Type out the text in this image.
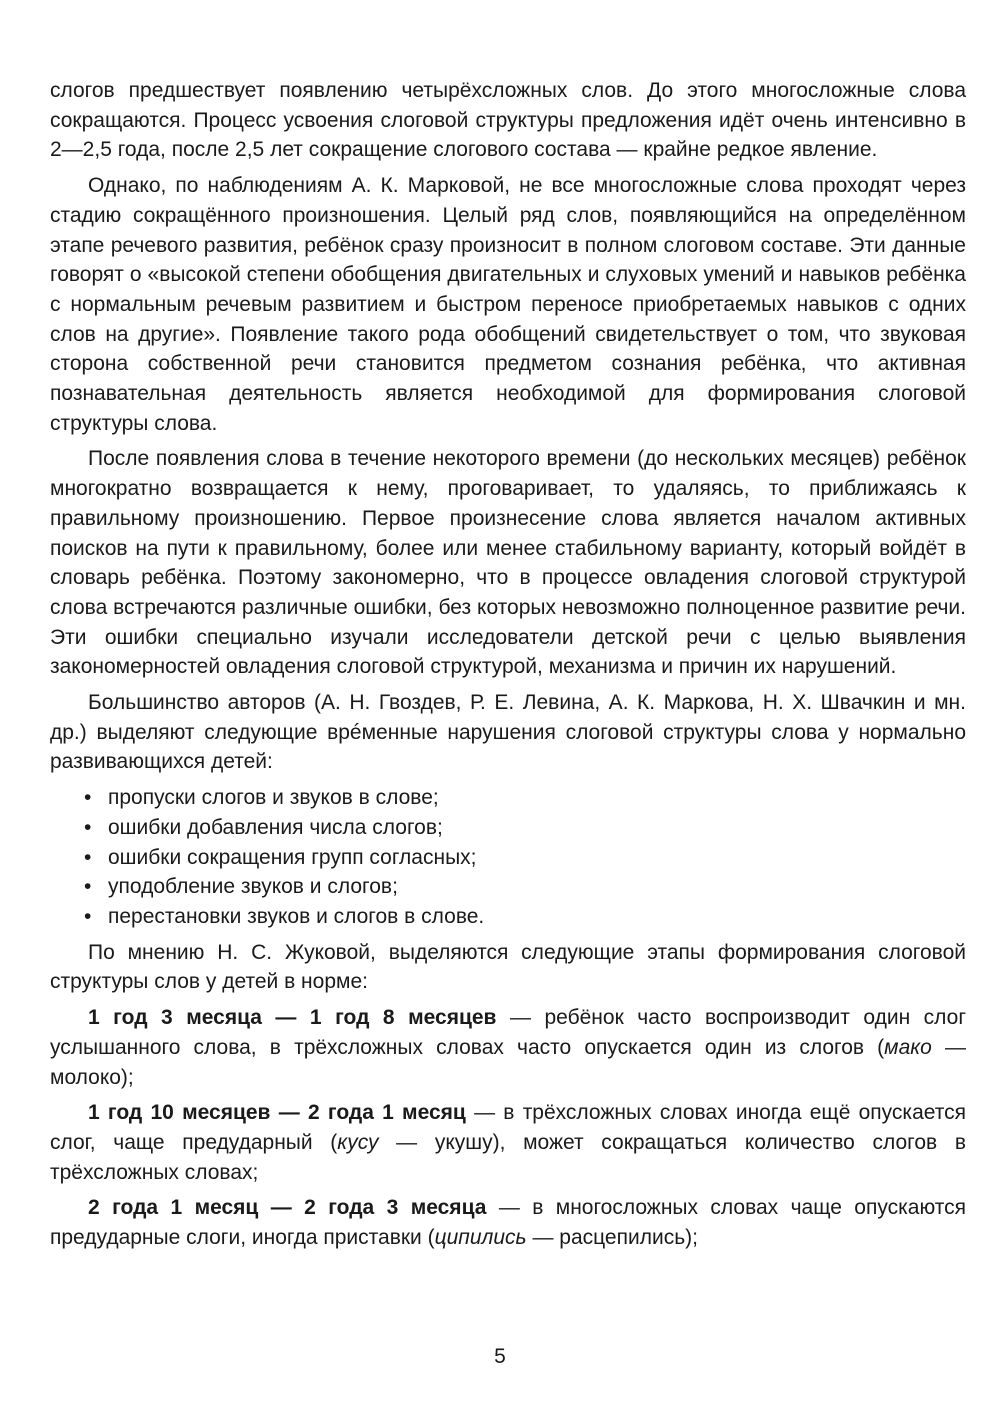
слогов предшествует появлению четырёхсложных слов. До этого многосложные слова сокращаются. Процесс усвоения слоговой структуры предложения идёт очень интенсивно в 2—2,5 года, после 2,5 лет сокращение слогового состава — крайне редкое явление.

Однако, по наблюдениям А. К. Марковой, не все многосложные слова проходят через стадию сокращённого произношения. Целый ряд слов, появляющийся на определённом этапе речевого развития, ребёнок сразу произносит в полном слоговом составе. Эти данные говорят о «высокой степени обобщения двигательных и слуховых умений и навыков ребёнка с нормальным речевым развитием и быстром переносе приобретаемых навыков с одних слов на другие». Появление такого рода обобщений свидетельствует о том, что звуковая сторона собственной речи становится предметом сознания ребёнка, что активная познавательная деятельность является необходимой для формирования слоговой структуры слова.

После появления слова в течение некоторого времени (до нескольких месяцев) ребёнок многократно возвращается к нему, проговаривает, то удаляясь, то приближаясь к правильному произношению. Первое произнесение слова является началом активных поисков на пути к правильному, более или менее стабильному варианту, который войдёт в словарь ребёнка. Поэтому закономерно, что в процессе овладения слоговой структурой слова встречаются различные ошибки, без которых невозможно полноценное развитие речи. Эти ошибки специально изучали исследователи детской речи с целью выявления закономерностей овладения слоговой структурой, механизма и причин их нарушений.

Большинство авторов (А. Н. Гвоздев, Р. Е. Левина, А. К. Маркова, Н. Х. Швачкин и мн. др.) выделяют следующие врéменные нарушения слоговой структуры слова у нормально развивающихся детей:

• пропуски слогов и звуков в слове;
• ошибки добавления числа слогов;
• ошибки сокращения групп согласных;
• уподобление звуков и слогов;
• перестановки звуков и слогов в слове.

По мнению Н. С. Жуковой, выделяются следующие этапы формирования слоговой структуры слов у детей в норме:

1 год 3 месяца — 1 год 8 месяцев — ребёнок часто воспроизводит один слог услышанного слова, в трёхсложных словах часто опускается один из слогов (мако — молоко);

1 год 10 месяцев — 2 года 1 месяц — в трёхсложных словах иногда ещё опускается слог, чаще предударный (кусу — укушу), может сокращаться количество слогов в трёхсложных словах;

2 года 1 месяц — 2 года 3 месяца — в многосложных словах чаще опускаются предударные слоги, иногда приставки (ципились — расцепились);

5
